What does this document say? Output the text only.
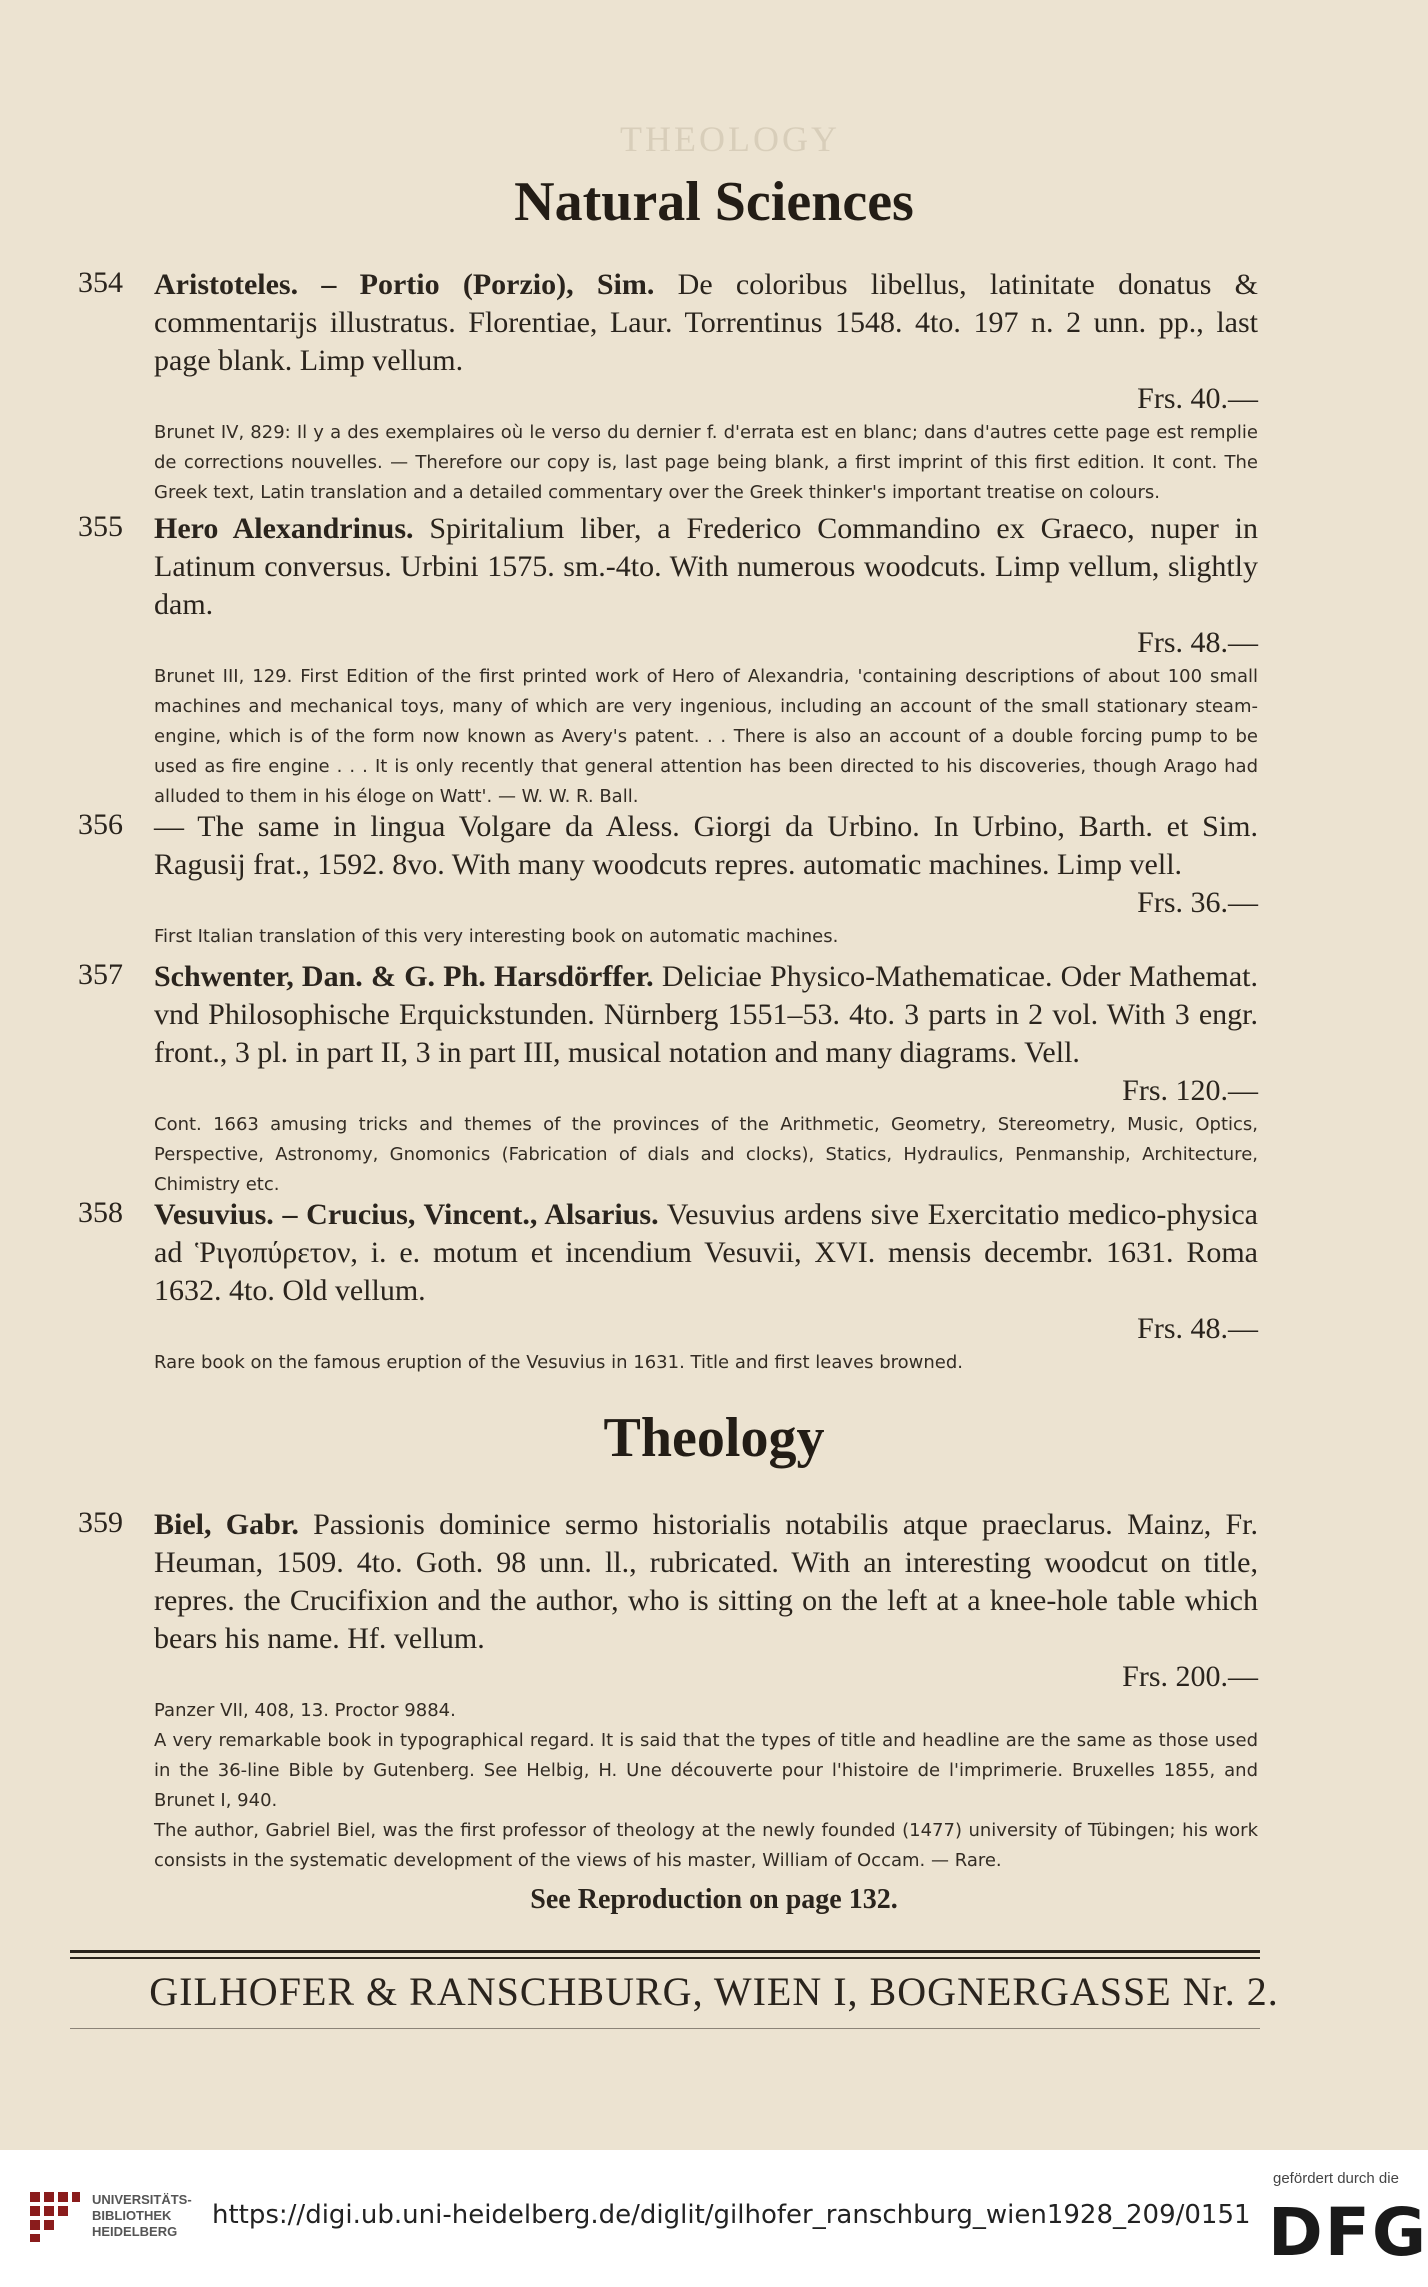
THEOLOGY
Natural Sciences
354 Aristoteles. – Portio (Porzio), Sim. De coloribus libellus, latinitate donatus & commentarijs illustratus. Florentiae, Laur. Torrentinus 1548. 4to. 197 n. 2 unn. pp., last page blank. Limp vellum.
Frs. 40.—
Brunet IV, 829: Il y a des exemplaires où le verso du dernier f. d'errata est en blanc; dans d'autres cette page est remplie de corrections nouvelles. — Therefore our copy is, last page being blank, a first imprint of this first edition. It cont. The Greek text, Latin translation and a detailed commentary over the Greek thinker's important treatise on colours.
355 Hero Alexandrinus. Spiritalium liber, a Frederico Commandino ex Graeco, nuper in Latinum conversus. Urbini 1575. sm.-4to. With numerous woodcuts. Limp vellum, slightly dam.
Frs. 48.—
Brunet III, 129. First Edition of the first printed work of Hero of Alexandria, 'containing descriptions of about 100 small machines and mechanical toys, many of which are very ingenious, including an account of the small stationary steam-engine, which is of the form now known as Avery's patent. . . There is also an account of a double forcing pump to be used as fire engine . . . It is only recently that general attention has been directed to his discoveries, though Arago had alluded to them in his éloge on Watt'. — W. W. R. Ball.
356 — The same in lingua Volgare da Aless. Giorgi da Urbino. In Urbino, Barth. et Sim. Ragusij frat., 1592. 8vo. With many woodcuts repres. automatic machines. Limp vell.
Frs. 36.—
First Italian translation of this very interesting book on automatic machines.
357 Schwenter, Dan. & G. Ph. Harsdörffer. Deliciae Physico-Mathematicae. Oder Mathemat. vnd Philosophische Erquickstunden. Nürnberg 1551–53. 4to. 3 parts in 2 vol. With 3 engr. front., 3 pl. in part II, 3 in part III, musical notation and many diagrams. Vell.
Frs. 120.—
Cont. 1663 amusing tricks and themes of the provinces of the Arithmetic, Geometry, Stereometry, Music, Optics, Perspective, Astronomy, Gnomonics (Fabrication of dials and clocks), Statics, Hydraulics, Penmanship, Architecture, Chimistry etc.
358 Vesuvius. – Crucius, Vincent., Alsarius. Vesuvius ardens sive Exercitatio medico-physica ad Ῥιγοπύρετον, i. e. motum et incendium Vesuvii, XVI. mensis decembr. 1631. Roma 1632. 4to. Old vellum.
Frs. 48.—
Rare book on the famous eruption of the Vesuvius in 1631. Title and first leaves browned.
Theology
359 Biel, Gabr. Passionis dominice sermo historialis notabilis atque praeclarus. Mainz, Fr. Heuman, 1509. 4to. Goth. 98 unn. ll., rubricated. With an interesting woodcut on title, repres. the Crucifixion and the author, who is sitting on the left at a knee-hole table which bears his name. Hf. vellum.
Frs. 200.—
Panzer VII, 408, 13. Proctor 9884.
A very remarkable book in typographical regard. It is said that the types of title and headline are the same as those used in the 36-line Bible by Gutenberg. See Helbig, H. Une découverte pour l'histoire de l'imprimerie. Bruxelles 1855, and Brunet I, 940.
The author, Gabriel Biel, was the first professor of theology at the newly founded (1477) university of Tübingen; his work consists in the systematic development of the views of his master, William of Occam. — Rare.
See Reproduction on page 132.
GILHOFER & RANSCHBURG, WIEN I, BOGNERGASSE Nr. 2.
UNIVERSITÄTS-
BIBLIOTHEK
HEIDELBERG
https://digi.ub.uni-heidelberg.de/diglit/gilhofer_ranschburg_wien1928_209/0151
gefördert durch die
DFG
